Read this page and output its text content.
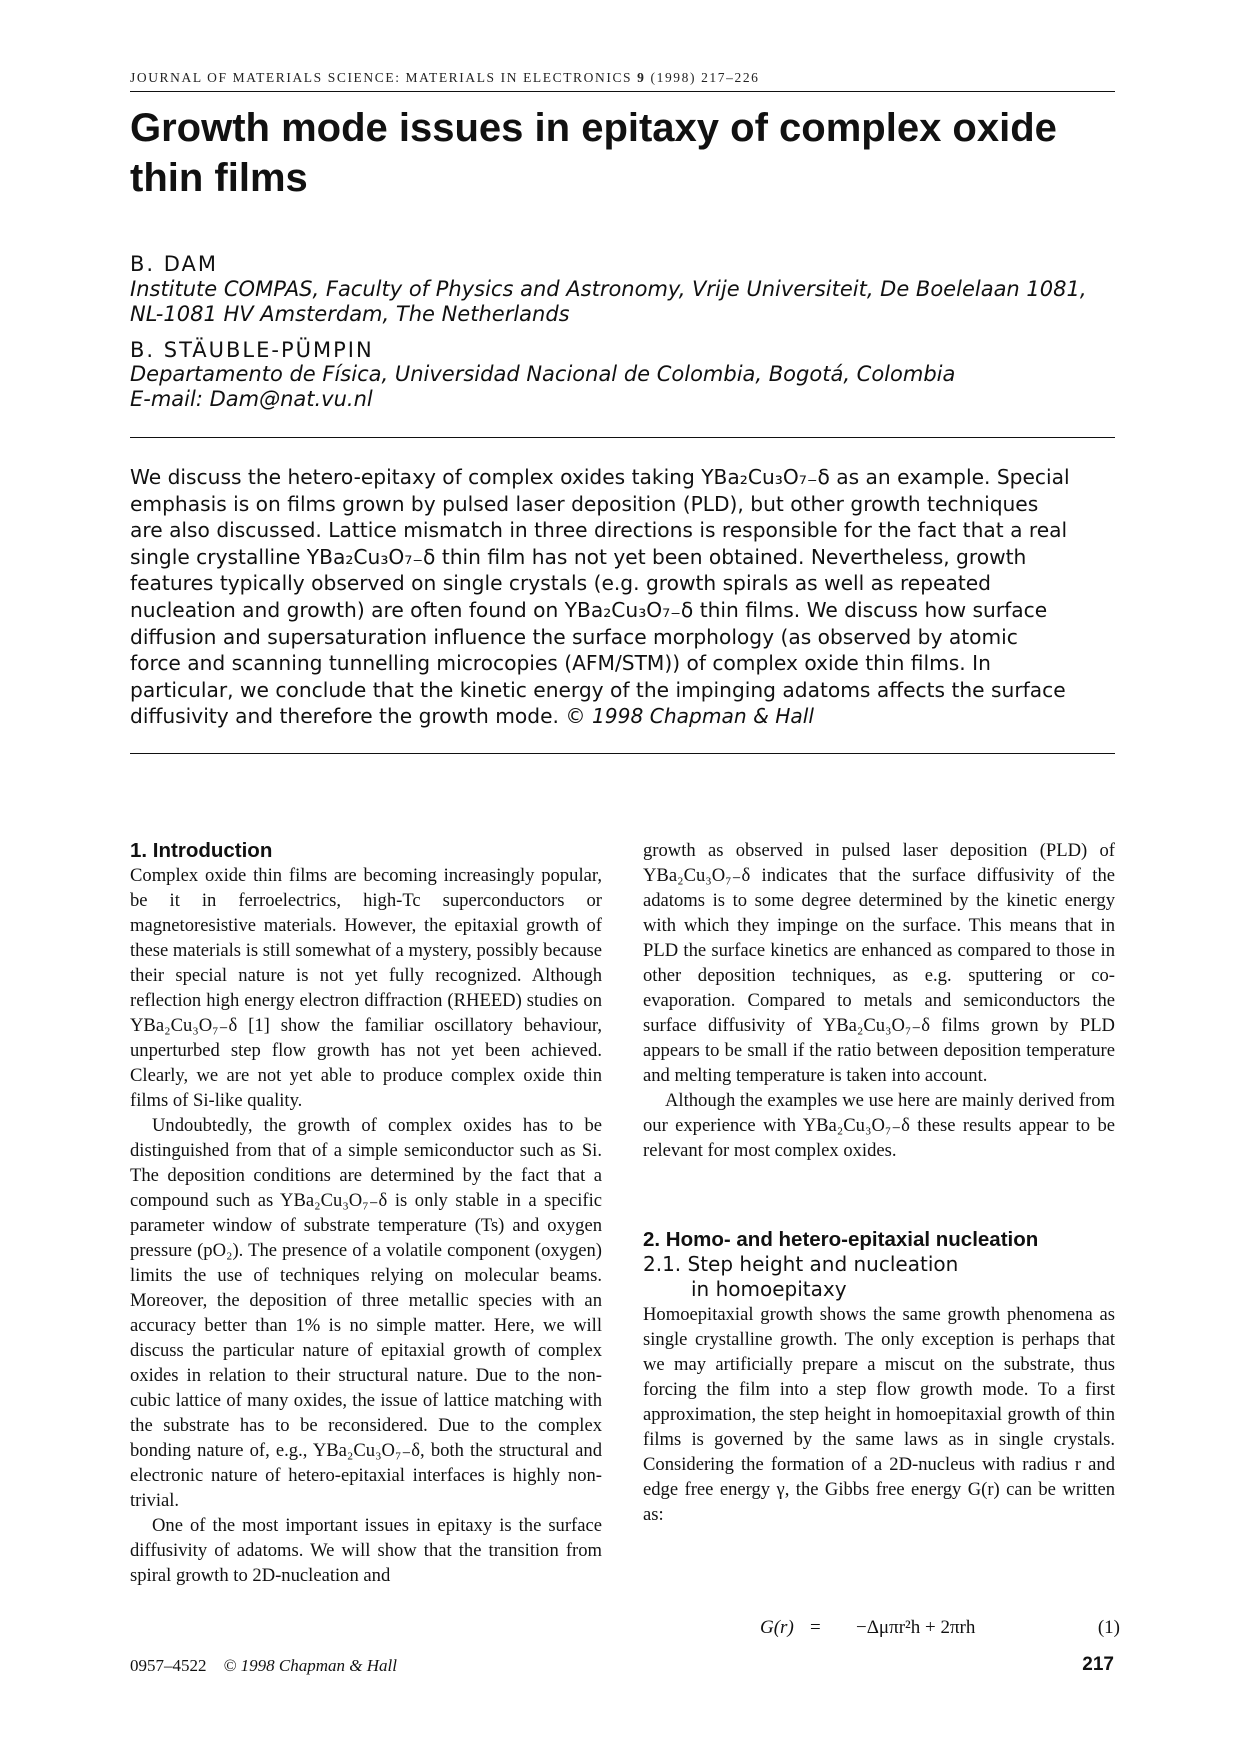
JOURNAL OF MATERIALS SCIENCE: MATERIALS IN ELECTRONICS 9 (1998) 217–226
Growth mode issues in epitaxy of complex oxide
thin films
B. DAM
Institute COMPAS, Faculty of Physics and Astronomy, Vrije Universiteit, De Boelelaan 1081,
NL-1081 HV Amsterdam, The Netherlands
B. STÄUBLE-PÜMPIN
Departamento de Física, Universidad Nacional de Colombia, Bogotá, Colombia
E-mail: Dam@nat.vu.nl
We discuss the hetero-epitaxy of complex oxides taking YBa₂Cu₃O₇₋δ as an example. Special
emphasis is on films grown by pulsed laser deposition (PLD), but other growth techniques
are also discussed. Lattice mismatch in three directions is responsible for the fact that a real
single crystalline YBa₂Cu₃O₇₋δ thin film has not yet been obtained. Nevertheless, growth
features typically observed on single crystals (e.g. growth spirals as well as repeated
nucleation and growth) are often found on YBa₂Cu₃O₇₋δ thin films. We discuss how surface
diffusion and supersaturation influence the surface morphology (as observed by atomic
force and scanning tunnelling microcopies (AFM/STM)) of complex oxide thin films. In
particular, we conclude that the kinetic energy of the impinging adatoms affects the surface
diffusivity and therefore the growth mode. © 1998 Chapman & Hall
1. Introduction

Complex oxide thin films are becoming increasingly popular, be it in ferroelectrics, high-Tc superconductors or magnetoresistive materials. However, the epitaxial growth of these materials is still somewhat of a mystery, possibly because their special nature is not yet fully recognized. Although reflection high energy electron diffraction (RHEED) studies on YBa₂Cu₃O₇₋δ [1] show the familiar oscillatory behaviour, unperturbed step flow growth has not yet been achieved. Clearly, we are not yet able to produce complex oxide thin films of Si-like quality.

Undoubtedly, the growth of complex oxides has to be distinguished from that of a simple semiconductor such as Si. The deposition conditions are determined by the fact that a compound such as YBa₂Cu₃O₇₋δ is only stable in a specific parameter window of substrate temperature (Ts) and oxygen pressure (pO₂). The presence of a volatile component (oxygen) limits the use of techniques relying on molecular beams. Moreover, the deposition of three metallic species with an accuracy better than 1% is no simple matter. Here, we will discuss the particular nature of epitaxial growth of complex oxides in relation to their structural nature. Due to the non-cubic lattice of many oxides, the issue of lattice matching with the substrate has to be reconsidered. Due to the complex bonding nature of, e.g., YBa₂Cu₃O₇₋δ, both the structural and electronic nature of hetero-epitaxial interfaces is highly non-trivial.

One of the most important issues in epitaxy is the surface diffusivity of adatoms. We will show that the transition from spiral growth to 2D-nucleation and

growth as observed in pulsed laser deposition (PLD) of YBa₂Cu₃O₇₋δ indicates that the surface diffusivity of the adatoms is to some degree determined by the kinetic energy with which they impinge on the surface. This means that in PLD the surface kinetics are enhanced as compared to those in other deposition techniques, as e.g. sputtering or co-evaporation. Compared to metals and semiconductors the surface diffusivity of YBa₂Cu₃O₇₋δ films grown by PLD appears to be small if the ratio between deposition temperature and melting temperature is taken into account.

Although the examples we use here are mainly derived from our experience with YBa₂Cu₃O₇₋δ these results appear to be relevant for most complex oxides.

2. Homo- and hetero-epitaxial nucleation
2.1. Step height and nucleation
in homoepitaxy

Homoepitaxial growth shows the same growth phenomena as single crystalline growth. The only exception is perhaps that we may artificially prepare a miscut on the substrate, thus forcing the film into a step flow growth mode. To a first approximation, the step height in homoepitaxial growth of thin films is governed by the same laws as in single crystals. Considering the formation of a 2D-nucleus with radius r and edge free energy γ, the Gibbs free energy G(r) can be written as:

G(r) = −Δμπr²h + 2πrh	(1)
0957–4522 © 1998 Chapman & Hall	217
